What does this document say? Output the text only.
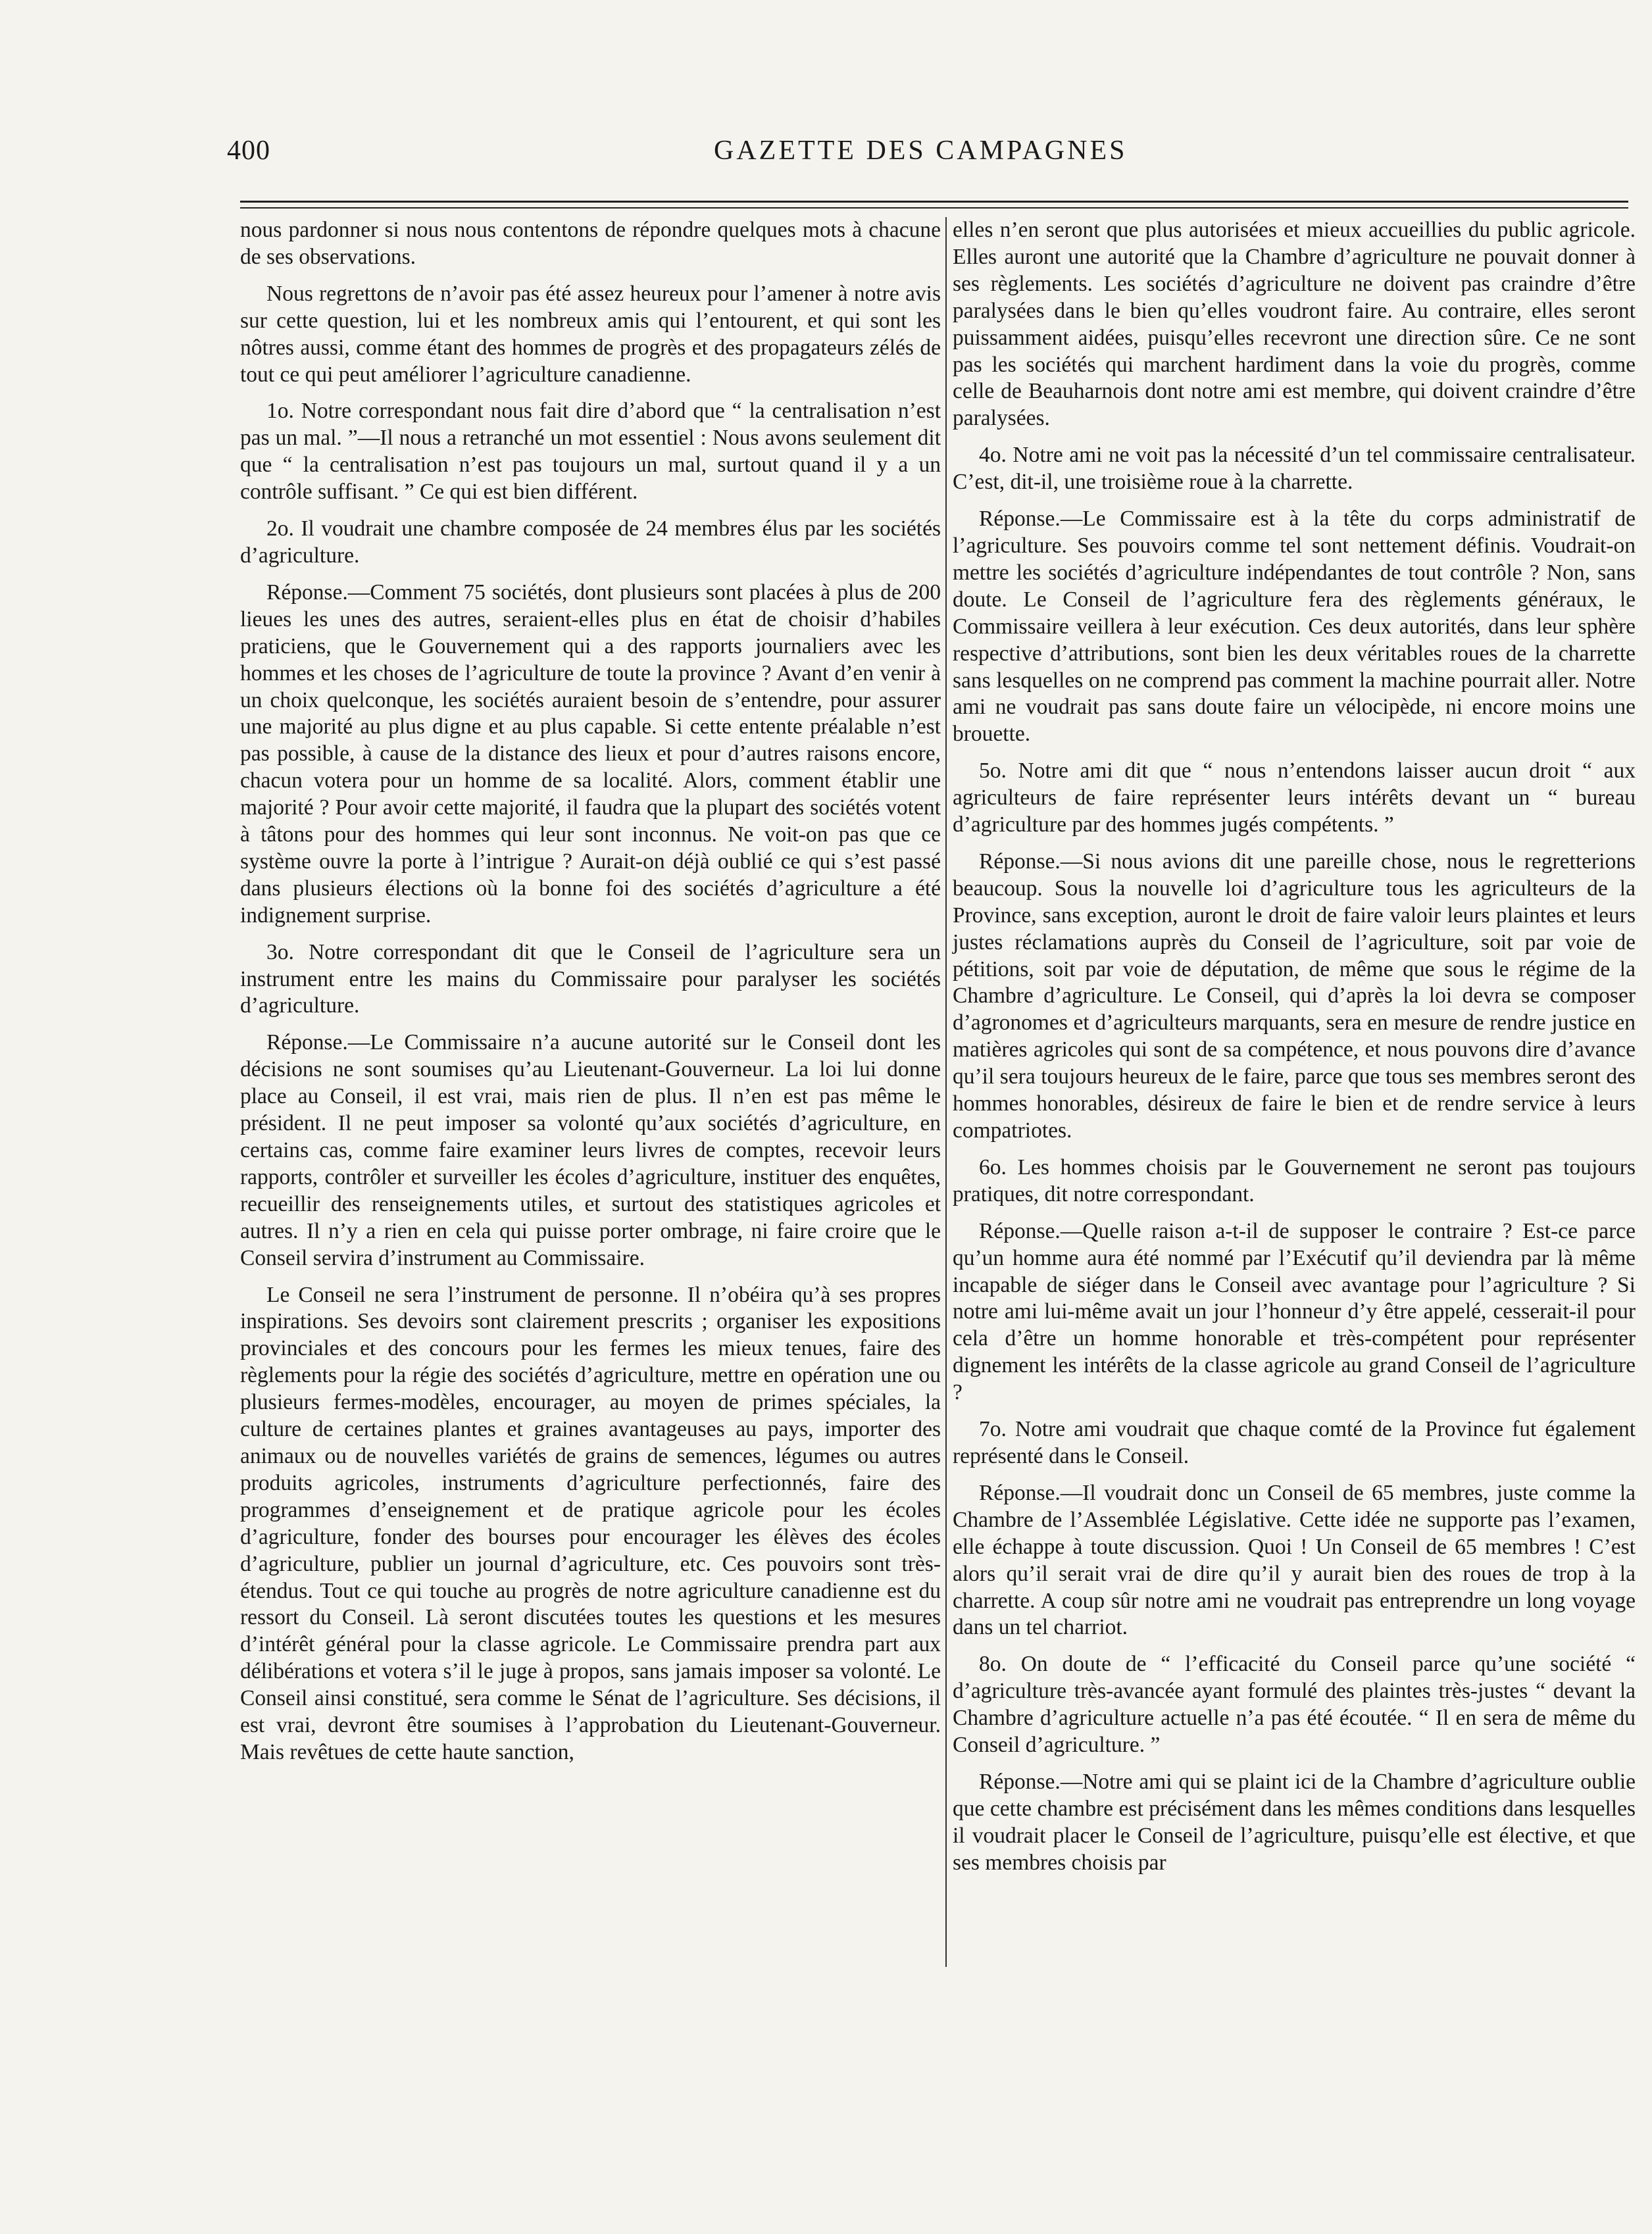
400	GAZETTE DES CAMPAGNES

nous pardonner si nous nous contentons de répondre quelques mots à chacune de ses observations.

Nous regrettons de n’avoir pas été assez heureux pour l’amener à notre avis sur cette question, lui et les nombreux amis qui l’entourent, et qui sont les nôtres aussi, comme étant des hommes de progrès et des propagateurs zélés de tout ce qui peut améliorer l’agriculture canadienne.

1o. Notre correspondant nous fait dire d’abord que “ la centralisation n’est pas un mal. ”—Il nous a retranché un mot essentiel : Nous avons seulement dit que “ la centralisation n’est pas toujours un mal, surtout quand il y a un contrôle suffisant. ” Ce qui est bien différent.

2o. Il voudrait une chambre composée de 24 membres élus par les sociétés d’agriculture.

Réponse.—Comment 75 sociétés, dont plusieurs sont placées à plus de 200 lieues les unes des autres, seraient-elles plus en état de choisir d’habiles praticiens, que le Gouvernement qui a des rapports journaliers avec les hommes et les choses de l’agriculture de toute la province ? Avant d’en venir à un choix quelconque, les sociétés auraient besoin de s’entendre, pour assurer une majorité au plus digne et au plus capable. Si cette entente préalable n’est pas possible, à cause de la distance des lieux et pour d’autres raisons encore, chacun votera pour un homme de sa localité. Alors, comment établir une majorité ? Pour avoir cette majorité, il faudra que la plupart des sociétés votent à tâtons pour des hommes qui leur sont inconnus. Ne voit-on pas que ce système ouvre la porte à l’intrigue ? Aurait-on déjà oublié ce qui s’est passé dans plusieurs élections où la bonne foi des sociétés d’agriculture a été indignement surprise.

3o. Notre correspondant dit que le Conseil de l’agriculture sera un instrument entre les mains du Commissaire pour paralyser les sociétés d’agriculture.

Réponse.—Le Commissaire n’a aucune autorité sur le Conseil dont les décisions ne sont soumises qu’au Lieutenant-Gouverneur. La loi lui donne place au Conseil, il est vrai, mais rien de plus. Il n’en est pas même le président. Il ne peut imposer sa volonté qu’aux sociétés d’agriculture, en certains cas, comme faire examiner leurs livres de comptes, recevoir leurs rapports, contrôler et surveiller les écoles d’agriculture, instituer des enquêtes, recueillir des renseignements utiles, et surtout des statistiques agricoles et autres. Il n’y a rien en cela qui puisse porter ombrage, ni faire croire que le Conseil servira d’instrument au Commissaire.

Le Conseil ne sera l’instrument de personne. Il n’obéira qu’à ses propres inspirations. Ses devoirs sont clairement prescrits ; organiser les expositions provinciales et des concours pour les fermes les mieux tenues, faire des règlements pour la régie des sociétés d’agriculture, mettre en opération une ou plusieurs fermes-modèles, encourager, au moyen de primes spéciales, la culture de certaines plantes et graines avantageuses au pays, importer des animaux ou de nouvelles variétés de grains de semences, légumes ou autres produits agricoles, instruments d’agriculture perfectionnés, faire des programmes d’enseignement et de pratique agricole pour les écoles d’agriculture, fonder des bourses pour encourager les élèves des écoles d’agriculture, publier un journal d’agriculture, etc. Ces pouvoirs sont très-étendus. Tout ce qui touche au progrès de notre agriculture canadienne est du ressort du Conseil. Là seront discutées toutes les questions et les mesures d’intérêt général pour la classe agricole. Le Commissaire prendra part aux délibérations et votera s’il le juge à propos, sans jamais imposer sa volonté. Le Conseil ainsi constitué, sera comme le Sénat de l’agriculture. Ses décisions, il est vrai, devront être soumises à l’approbation du Lieutenant-Gouverneur. Mais revêtues de cette haute sanction,

elles n’en seront que plus autorisées et mieux accueillies du public agricole. Elles auront une autorité que la Chambre d’agriculture ne pouvait donner à ses règlements. Les sociétés d’agriculture ne doivent pas craindre d’être paralysées dans le bien qu’elles voudront faire. Au contraire, elles seront puissamment aidées, puisqu’elles recevront une direction sûre. Ce ne sont pas les sociétés qui marchent hardiment dans la voie du progrès, comme celle de Beauharnois dont notre ami est membre, qui doivent craindre d’être paralysées.

4o. Notre ami ne voit pas la nécessité d’un tel commissaire centralisateur. C’est, dit-il, une troisième roue à la charrette.

Réponse.—Le Commissaire est à la tête du corps administratif de l’agriculture. Ses pouvoirs comme tel sont nettement définis. Voudrait-on mettre les sociétés d’agriculture indépendantes de tout contrôle ? Non, sans doute. Le Conseil de l’agriculture fera des règlements généraux, le Commissaire veillera à leur exécution. Ces deux autorités, dans leur sphère respective d’attributions, sont bien les deux véritables roues de la charrette sans lesquelles on ne comprend pas comment la machine pourrait aller. Notre ami ne voudrait pas sans doute faire un vélocipède, ni encore moins une brouette.

5o. Notre ami dit que “ nous n’entendons laisser aucun droit “ aux agriculteurs de faire représenter leurs intérêts devant un “ bureau d’agriculture par des hommes jugés compétents. ”

Réponse.—Si nous avions dit une pareille chose, nous le regretterions beaucoup. Sous la nouvelle loi d’agriculture tous les agriculteurs de la Province, sans exception, auront le droit de faire valoir leurs plaintes et leurs justes réclamations auprès du Conseil de l’agriculture, soit par voie de pétitions, soit par voie de députation, de même que sous le régime de la Chambre d’agriculture. Le Conseil, qui d’après la loi devra se composer d’agronomes et d’agriculteurs marquants, sera en mesure de rendre justice en matières agricoles qui sont de sa compétence, et nous pouvons dire d’avance qu’il sera toujours heureux de le faire, parce que tous ses membres seront des hommes honorables, désireux de faire le bien et de rendre service à leurs compatriotes.

6o. Les hommes choisis par le Gouvernement ne seront pas toujours pratiques, dit notre correspondant.

Réponse.—Quelle raison a-t-il de supposer le contraire ? Est-ce parce qu’un homme aura été nommé par l’Exécutif qu’il deviendra par là même incapable de siéger dans le Conseil avec avantage pour l’agriculture ? Si notre ami lui-même avait un jour l’honneur d’y être appelé, cesserait-il pour cela d’être un homme honorable et très-compétent pour représenter dignement les intérêts de la classe agricole au grand Conseil de l’agriculture ?

7o. Notre ami voudrait que chaque comté de la Province fut également représenté dans le Conseil.

Réponse.—Il voudrait donc un Conseil de 65 membres, juste comme la Chambre de l’Assemblée Législative. Cette idée ne supporte pas l’examen, elle échappe à toute discussion. Quoi ! Un Conseil de 65 membres ! C’est alors qu’il serait vrai de dire qu’il y aurait bien des roues de trop à la charrette. A coup sûr notre ami ne voudrait pas entreprendre un long voyage dans un tel charriot.

8o. On doute de “ l’efficacité du Conseil parce qu’une société “ d’agriculture très-avancée ayant formulé des plaintes très-justes “ devant la Chambre d’agriculture actuelle n’a pas été écoutée. “ Il en sera de même du Conseil d’agriculture. ”

Réponse.—Notre ami qui se plaint ici de la Chambre d’agriculture oublie que cette chambre est précisément dans les mêmes conditions dans lesquelles il voudrait placer le Conseil de l’agriculture, puisqu’elle est élective, et que ses membres choisis par
